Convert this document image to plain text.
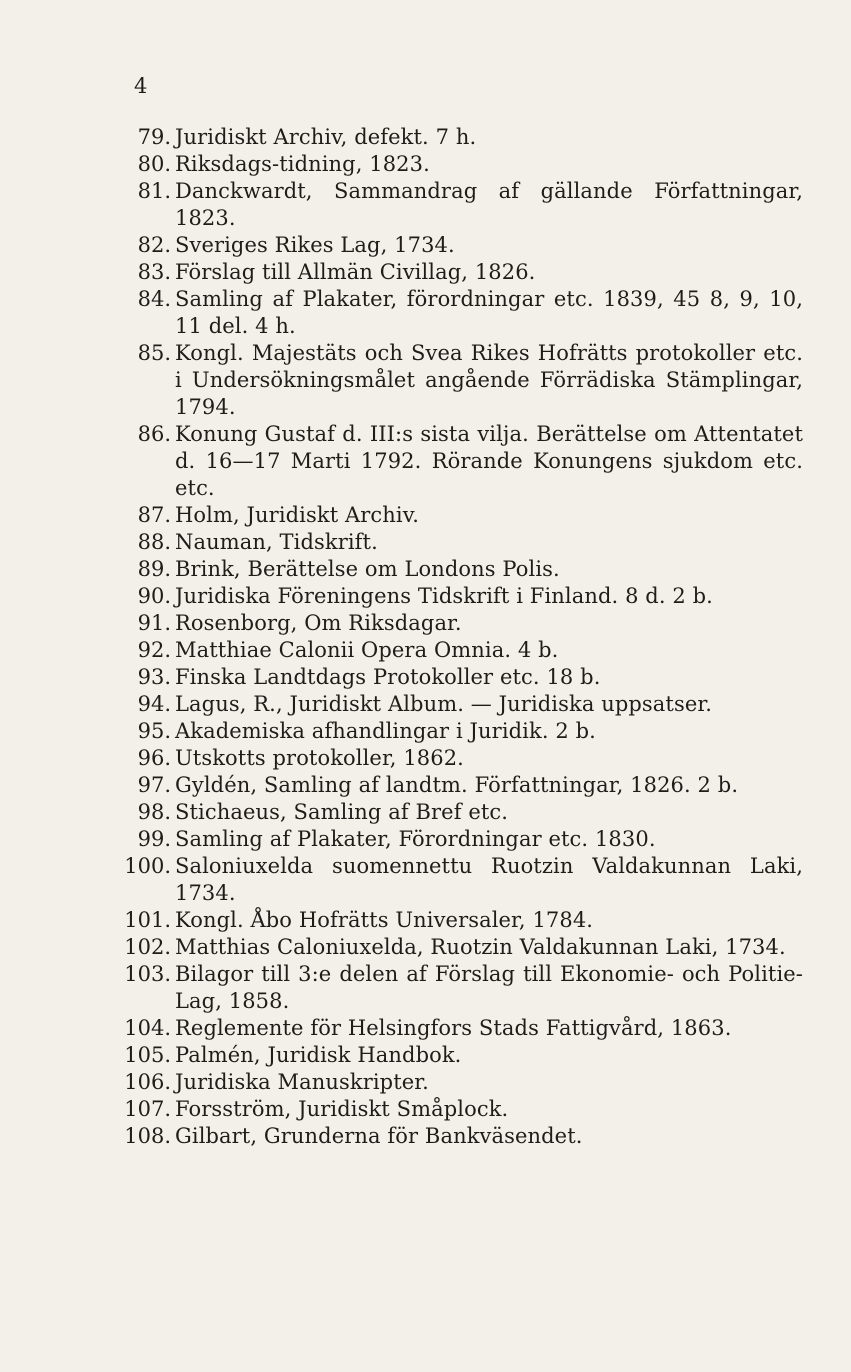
4
79. Juridiskt Archiv, defekt. 7 h.
80. Riksdags-tidning, 1823.
81. Danckwardt, Sammandrag af gällande Författningar, 1823.
82. Sveriges Rikes Lag, 1734.
83. Förslag till Allmän Civillag, 1826.
84. Samling af Plakater, förordningar etc. 1839, 45 8, 9, 10, 11 del. 4 h.
85. Kongl. Majestäts och Svea Rikes Hofrätts protokoller etc. i Undersökningsmålet angående Förrädiska Stämplingar, 1794.
86. Konung Gustaf d. III:s sista vilja. Berättelse om Attentatet d. 16—17 Marti 1792. Rörande Konungens sjukdom etc. etc.
87. Holm, Juridiskt Archiv.
88. Nauman, Tidskrift.
89. Brink, Berättelse om Londons Polis.
90. Juridiska Föreningens Tidskrift i Finland. 8 d. 2 b.
91. Rosenborg, Om Riksdagar.
92. Matthiae Calonii Opera Omnia. 4 b.
93. Finska Landtdags Protokoller etc. 18 b.
94. Lagus, R., Juridiskt Album. — Juridiska uppsatser.
95. Akademiska afhandlingar i Juridik. 2 b.
96. Utskotts protokoller, 1862.
97. Gyldén, Samling af landtm. Författningar, 1826. 2 b.
98. Stichaeus, Samling af Bref etc.
99. Samling af Plakater, Förordningar etc. 1830.
100. Saloniuxelda suomennettu Ruotzin Valdakunnan Laki, 1734.
101. Kongl. Åbo Hofrätts Universaler, 1784.
102. Matthias Caloniuxelda, Ruotzin Valdakunnan Laki, 1734.
103. Bilagor till 3:e delen af Förslag till Ekonomie- och Politie-Lag, 1858.
104. Reglemente för Helsingfors Stads Fattigvård, 1863.
105. Palmén, Juridisk Handbok.
106. Juridiska Manuskripter.
107. Forsström, Juridiskt Småplock.
108. Gilbart, Grunderna för Bankväsendet.
